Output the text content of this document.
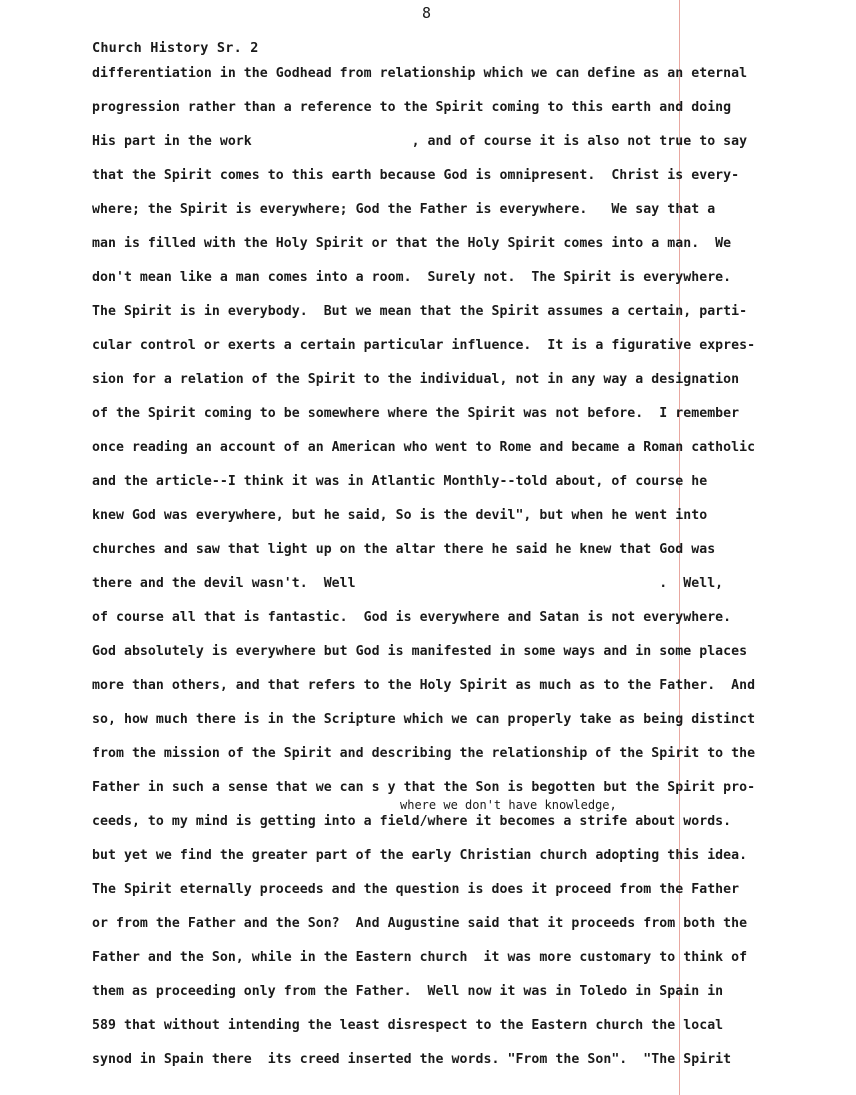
8
Church History Sr. 2
differentiation in the Godhead from relationship which we can define as an eternal
progression rather than a reference to the Spirit coming to this earth and doing
His part in the work                    , and of course it is also not true to say
that the Spirit comes to this earth because God is omnipresent.  Christ is every-
where; the Spirit is everywhere; God the Father is everywhere.   We say that a
man is filled with the Holy Spirit or that the Holy Spirit comes into a man.  We
don't mean like a man comes into a room.  Surely not.  The Spirit is everywhere.
The Spirit is in everybody.  But we mean that the Spirit assumes a certain, parti-
cular control or exerts a certain particular influence.  It is a figurative expres-
sion for a relation of the Spirit to the individual, not in any way a designation
of the Spirit coming to be somewhere where the Spirit was not before.  I remember
once reading an account of an American who went to Rome and became a Roman catholic
and the article--I think it was in Atlantic Monthly--told about, of course he
knew God was everywhere, but he said, So is the devil", but when he went into
churches and saw that light up on the altar there he said he knew that God was
there and the devil wasn't.  Well                                      .  Well,
of course all that is fantastic.  God is everywhere and Satan is not everywhere.
God absolutely is everywhere but God is manifested in some ways and in some places
more than others, and that refers to the Holy Spirit as much as to the Father.  And
so, how much there is in the Scripture which we can properly take as being distinct
from the mission of the Spirit and describing the relationship of the Spirit to the
Father in such a sense that we can s y that the Son is begotten but the Spirit pro-
ceeds, to my mind is getting into a field/where it becomes a strife about words.
but yet we find the greater part of the early Christian church adopting this idea.
The Spirit eternally proceeds and the question is does it proceed from the Father
or from the Father and the Son?  And Augustine said that it proceeds from both the
Father and the Son, while in the Eastern church  it was more customary to think of
them as proceeding only from the Father.  Well now it was in Toledo in Spain in
589 that without intending the least disrespect to the Eastern church the local
synod in Spain there  its creed inserted the words. "From the Son".  "The Spirit
where we don't have knowledge,
